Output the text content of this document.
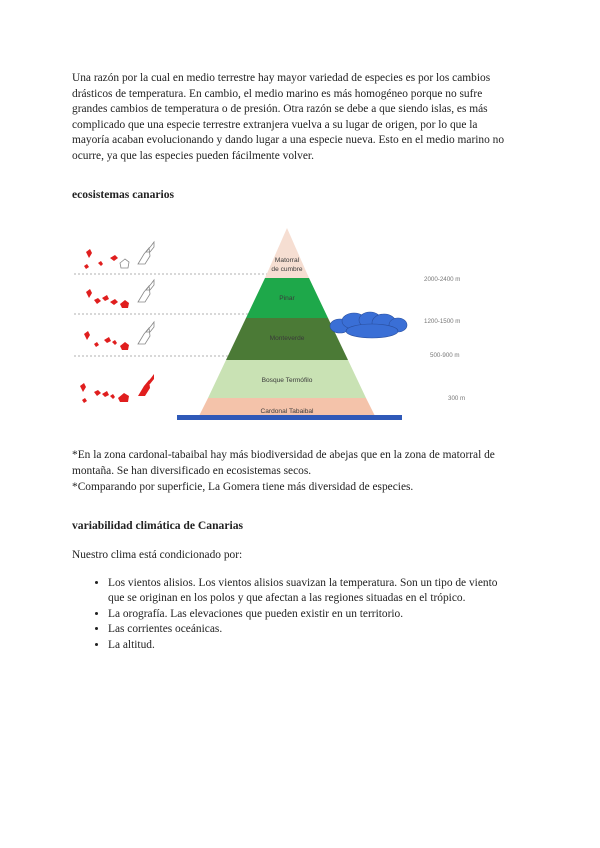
Una razón por la cual en medio terrestre hay mayor variedad de especies es por los cambios
drásticos de temperatura. En cambio, el medio marino es más homogéneo porque no sufre
grandes cambios de temperatura o de presión. Otra razón se debe a que siendo islas, es más
complicado que una especie terrestre extranjera vuelva a su lugar de origen, por lo que la
mayoría acaban evolucionando y dando lugar a una especie nueva. Esto en el medio marino no
ocurre, ya que las especies pueden fácilmente volver.
ecosistemas canarios
Matorral
de cumbre
Pinar
Monteverde
Bosque Termófilo
Cardonal Tabaibal
2000-2400 m
1200-1500 m
500-900 m
300 m

*En la zona cardonal-tabaibal hay más biodiversidad de abejas que en la zona de matorral de

montaña. Se han diversificado en ecosistemas secos.

*Comparando por superficie, La Gomera tiene más diversidad de especies.

variabilidad climática de Canarias

Nuestro clima está condicionado por:

• Los vientos alisios. Los vientos alisios suavizan la temperatura. Son un tipo de viento
que se originan en los polos y que afectan a las regiones situadas en el trópico.
• La orografía. Las elevaciones que pueden existir en un territorio.
• Las corrientes oceánicas.
• La altitud.
